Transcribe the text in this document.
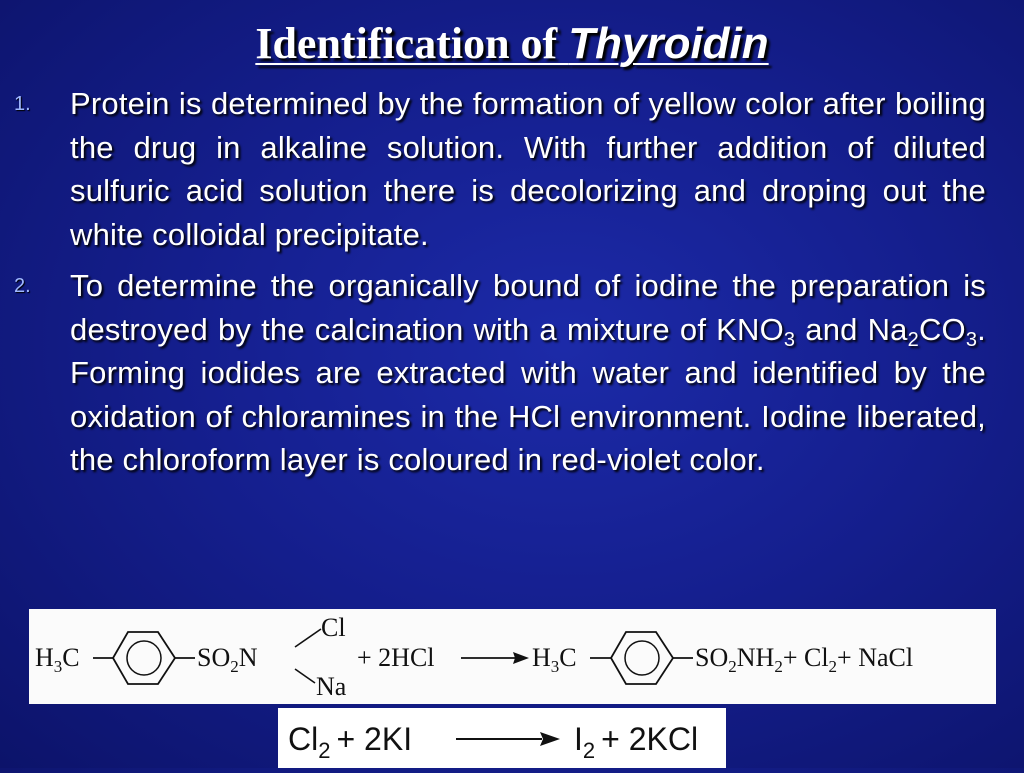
Identification of Thyroidin
1.	Protein is determined by the formation of yellow color after boiling the drug in alkaline solution. With further addition of diluted sulfuric acid solution there is decolorizing and droping out the white colloidal precipitate.
2.	To determine the organically bound of iodine the preparation is destroyed by the calcination with a mixture of $KNO_3$ and $Na_2CO_3$. Forming iodides are extracted with water and identified by the oxidation of chloramines in the HCl environment. Iodine liberated, the chloroform layer is coloured in red-violet color.
$H_3C$	$SO_2N$
Cl
Na
+ 2HCl	$H_3C$	$SO_2NH_2+ Cl_2+$ NaCl
$Cl_2 + 2KI$	$I_2 + 2KCl$
